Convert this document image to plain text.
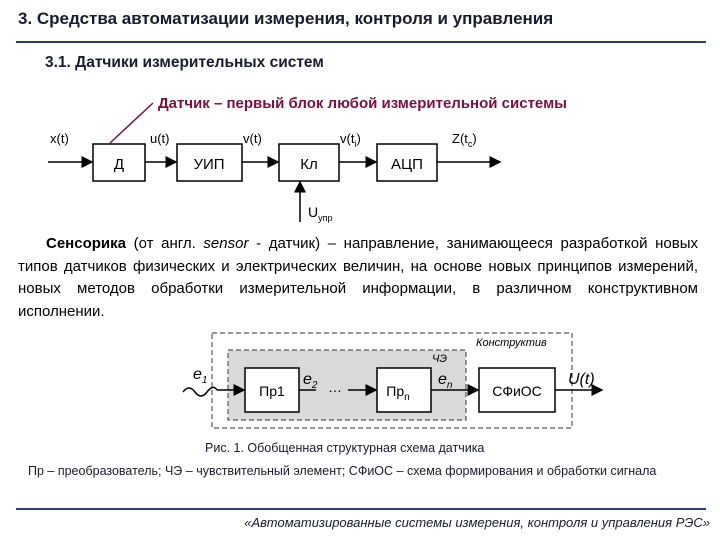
3. Средства автоматизации измерения, контроля и управления
3.1. Датчики измерительных систем
Датчик – первый блок любой измерительной системы
x(t)
Д
u(t)
УИП
v(t)
Кл
$v(t_i)$
АЦП
$Z(t_c)$
$U_{упр}$
Сенсорика (от англ. sensor - датчик) – направление, занимающееся разработкой новых типов датчиков физических и электрических величин, на основе новых принципов измерений, новых методов обработки измерительной информации, в различном конструктивном исполнении.
Конструктив
ЧЭ
$e_1$
Пр1
$e_2$ …	$Пр_n$
$e_n$	СФиОС
U(t)
Рис. 1. Обобщенная структурная схема датчика
Пр – преобразователь; ЧЭ – чувствительный элемент; СФиОС – схема формирования и обработки сигнала
«Автоматизированные системы измерения, контроля и управления РЭС»
